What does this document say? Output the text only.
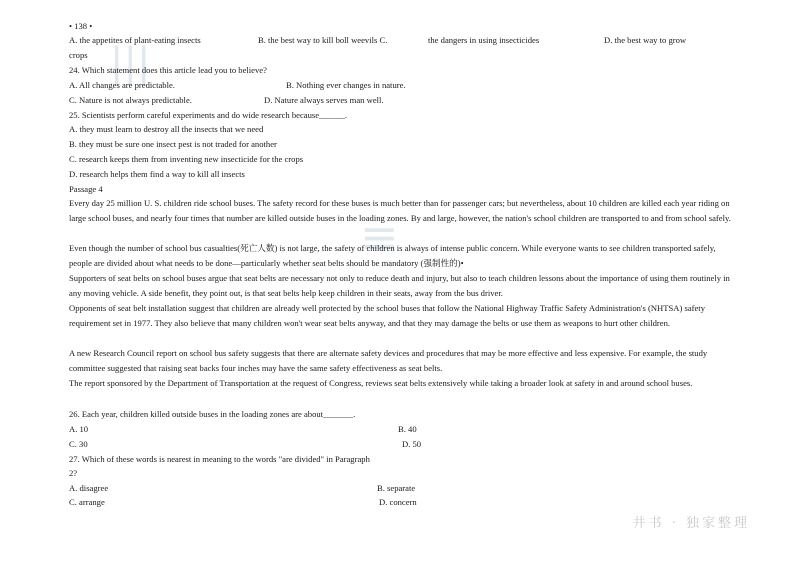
|||
≡
• 138 •
A. the appetites of plant-eating insects	B. the best way to kill boll weevils C.	the dangers in using insecticides	D. the best way to grow
crops
24. Which statement does this article lead you to believe?
A. All changes are predictable.	B. Nothing ever changes in nature.
C. Nature is not always predictable.	D. Nature always serves man well.
25. Scientists perform careful experiments and do wide research because______.
A. they must learn to destroy all the insects that we need
B. they must be sure one insect pest is not traded for another
C. research keeps them from inventing new insecticide for the crops
D. research helps them find a way to kill all insects
Passage 4
Every day 25 million U. S. children ride school buses. The safety record for these buses is much better than for passenger cars; but nevertheless, about 10 children are killed each year riding on large school buses, and nearly four times that number are killed outside buses in the loading zones. By and large, however, the nation's school children are transported to and from school safely.
Even though the number of school bus casualties(死亡人数) is not large, the safety of children is always of intense public concern. While everyone wants to see children transported safely, people are divided about what needs to be done—particularly whether seat belts should be mandatory (强制性的)•
Supporters of seat belts on school buses argue that seat belts are necessary not only to reduce death and injury, but also to teach children lessons about the importance of using them routinely in any moving vehicle. A side benefit, they point out, is that seat belts help keep children in their seats, away from the bus driver.
Opponents of seat belt installation suggest that children are already well protected by the school buses that follow the National Highway Traffic Safety Administration's (NHTSA) safety requirement set in 1977. They also believe that many children won't wear seat belts anyway, and that they may damage the belts or use them as weapons to hurt other children.
A new Research Council report on school bus safety suggests that there are alternate safety devices and procedures that may be more effective and less expensive. For example, the study committee suggested that raising seat backs four inches may have the same safety effectiveness as seat belts.
The report sponsored by the Department of Transportation at the request of Congress, reviews seat belts extensively while taking a broader look at safety in and around school buses.
26. Each year, children killed outside buses in the loading zones are about_______.
A. 10	B. 40
C. 30	D. 50
27. Which of these words is nearest in meaning to the words "are divided" in Paragraph
2?
A. disagree	B. separate
C. arrange	D. concern
井书 · 独家整理
